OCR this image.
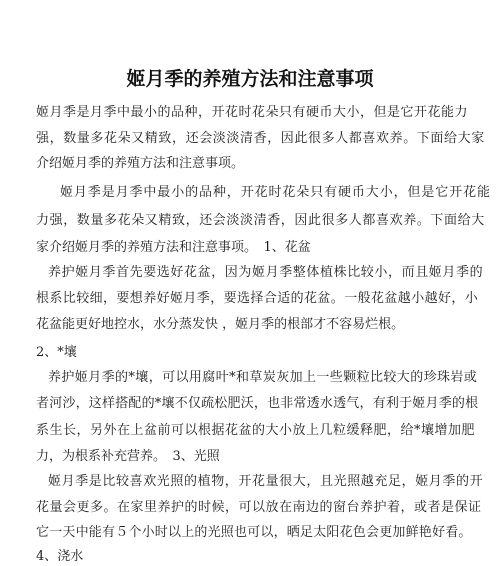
姬月季的养殖方法和注意事项
姬月季是月季中最小的品种，开花时花朵只有硬币大小，但是它开花能力
强，数量多花朵又精致，还会淡淡清香，因此很多人都喜欢养。下面给大家
介绍姬月季的养殖方法和注意事项。
姬月季是月季中最小的品种，开花时花朵只有硬币大小，但是它开花能
力强，数量多花朵又精致，还会淡淡清香，因此很多人都喜欢养。下面给大
家介绍姬月季的养殖方法和注意事项。　1、花盆
养护姬月季首先要选好花盆，因为姬月季整体植株比较小，而且姬月季的
根系比较细，要想养好姬月季，要选择合适的花盆。一般花盆越小越好，小
花盆能更好地控水，水分蒸发快 ，姬月季的根部才不容易烂根。
2、*壤
养护姬月季的*壤，可以用腐叶*和草炭灰加上一些颗粒比较大的珍珠岩或
者河沙，这样搭配的*壤不仅疏松肥沃，也非常透水透气，有利于姬月季的根
系生长，另外在上盆前可以根据花盆的大小放上几粒缓释肥，给*壤增加肥
力，为根系补充营养。　3、光照
姬月季是比较喜欢光照的植物，开花量很大，且光照越充足，姬月季的开
花量会更多。在家里养护的时候，可以放在南边的窗台养护着，或者是保证
它一天中能有５个小时以上的光照也可以，晒足太阳花色会更加鲜艳好看。
4、浇水
